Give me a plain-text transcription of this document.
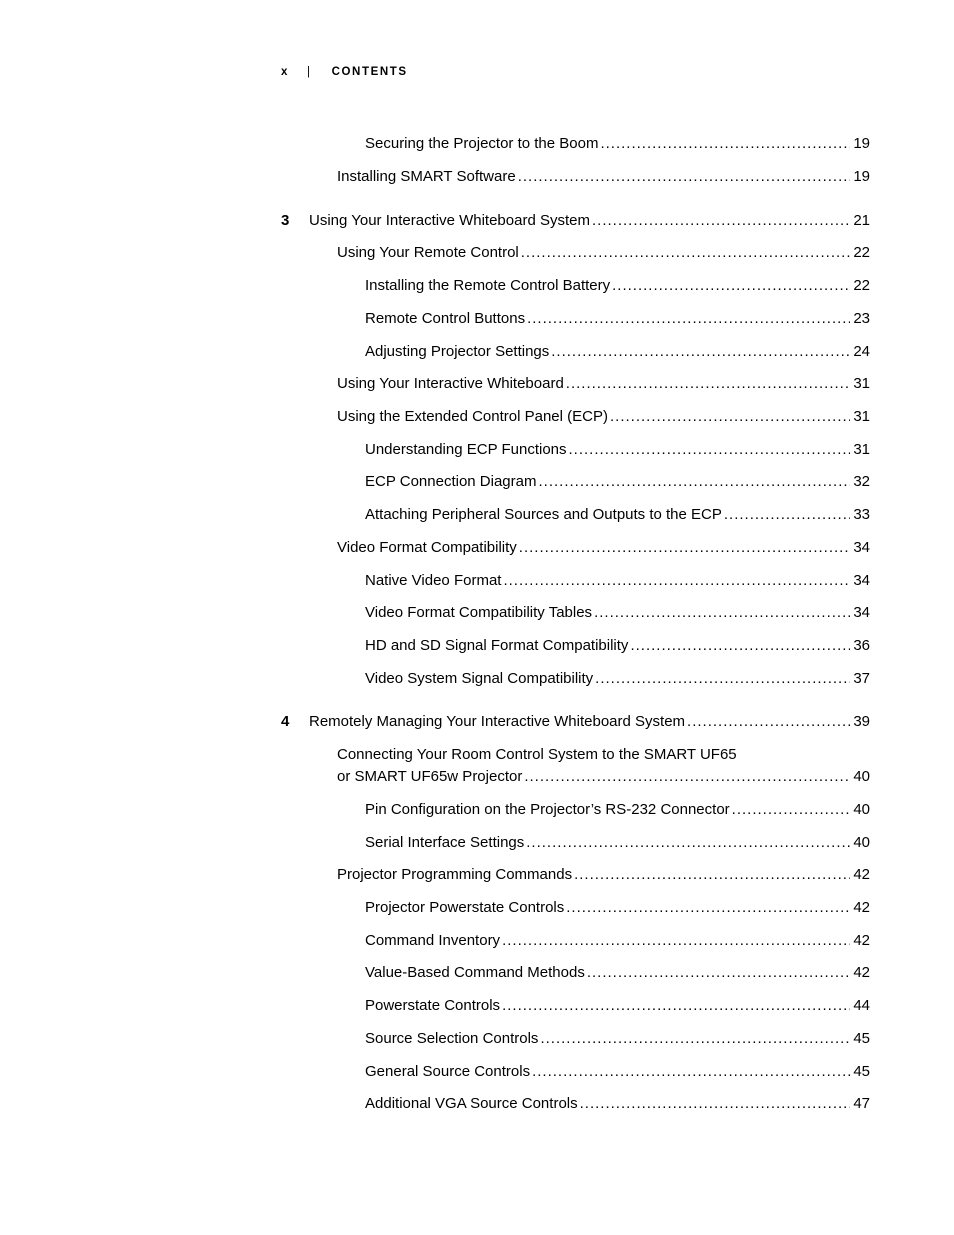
x | CONTENTS
Securing the Projector to the Boom .....	19
Installing SMART Software .....	19
3 Using Your Interactive Whiteboard System .....	21
Using Your Remote Control .....	22
Installing the Remote Control Battery .....	22
Remote Control Buttons .....	23
Adjusting Projector Settings .....	24
Using Your Interactive Whiteboard .....	31
Using the Extended Control Panel (ECP) .....	31
Understanding ECP Functions .....	31
ECP Connection Diagram .....	32
Attaching Peripheral Sources and Outputs to the ECP .....	33
Video Format Compatibility .....	34
Native Video Format .....	34
Video Format Compatibility Tables .....	34
HD and SD Signal Format Compatibility .....	36
Video System Signal Compatibility .....	37
4 Remotely Managing Your Interactive Whiteboard System .....	39
Connecting Your Room Control System to the SMART UF65
or SMART UF65w Projector .....	40
Pin Configuration on the Projector’s RS-232 Connector .....	40
Serial Interface Settings .....	40
Projector Programming Commands .....	42
Projector Powerstate Controls .....	42
Command Inventory .....	42
Value-Based Command Methods .....	42
Powerstate Controls .....	44
Source Selection Controls .....	45
General Source Controls .....	45
Additional VGA Source Controls .....	47
